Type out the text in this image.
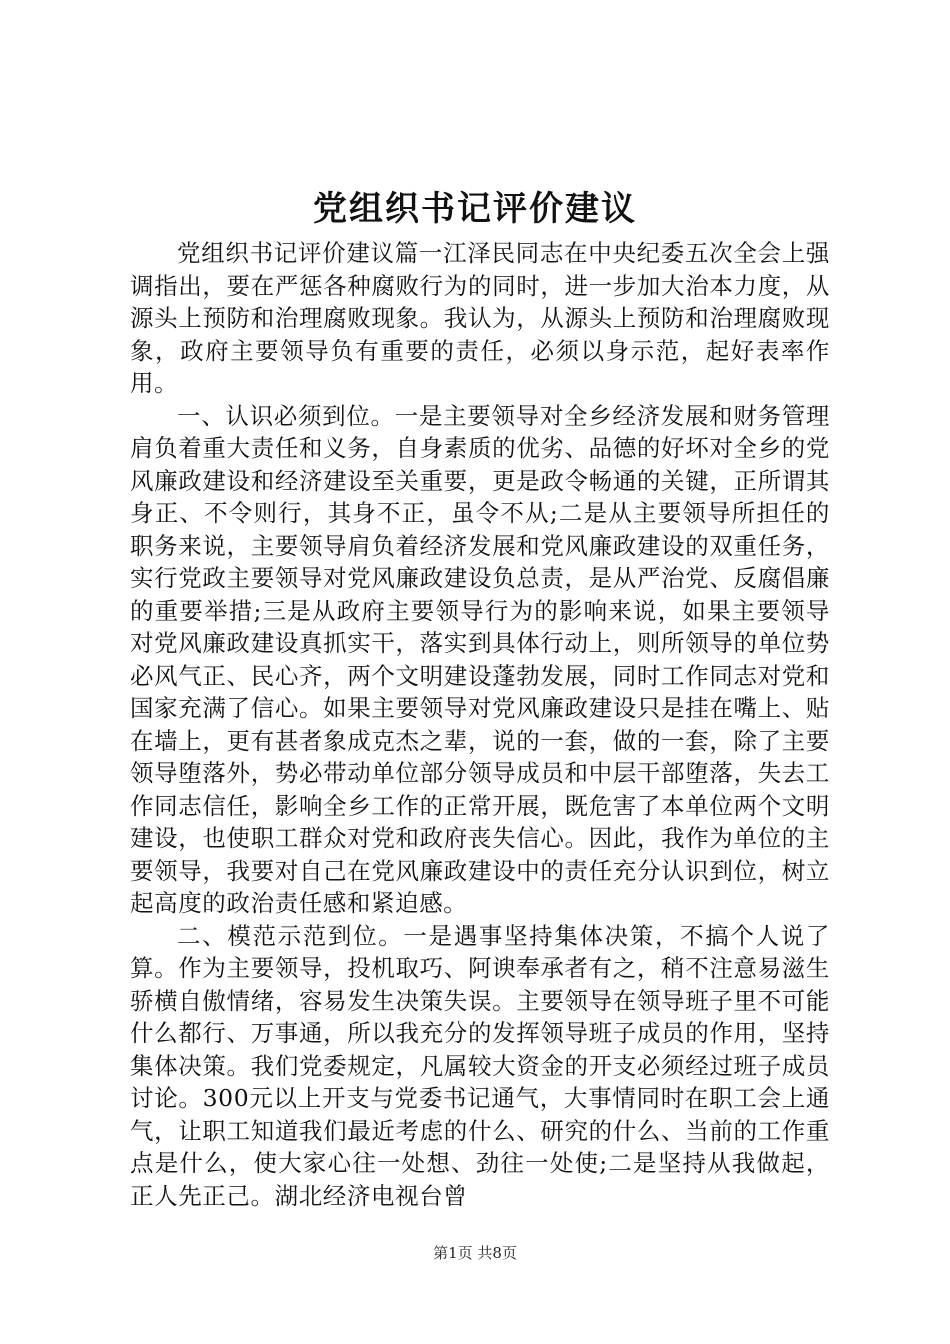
党组织书记评价建议

党组织书记评价建议篇一江泽民同志在中央纪委五次全会上强调指出，要在严惩各种腐败行为的同时，进一步加大治本力度，从源头上预防和治理腐败现象。我认为，从源头上预防和治理腐败现象，政府主要领导负有重要的责任，必须以身示范，起好表率作用。

一、认识必须到位。一是主要领导对全乡经济发展和财务管理肩负着重大责任和义务，自身素质的优劣、品德的好坏对全乡的党风廉政建设和经济建设至关重要，更是政令畅通的关键，正所谓其身正、不令则行，其身不正，虽令不从;二是从主要领导所担任的职务来说，主要领导肩负着经济发展和党风廉政建设的双重任务，实行党政主要领导对党风廉政建设负总责，是从严治党、反腐倡廉的重要举措;三是从政府主要领导行为的影响来说，如果主要领导对党风廉政建设真抓实干，落实到具体行动上，则所领导的单位势必风气正、民心齐，两个文明建设蓬勃发展，同时工作同志对党和国家充满了信心。如果主要领导对党风廉政建设只是挂在嘴上、贴在墙上，更有甚者象成克杰之辈，说的一套，做的一套，除了主要领导堕落外，势必带动单位部分领导成员和中层干部堕落，失去工作同志信任，影响全乡工作的正常开展，既危害了本单位两个文明建设，也使职工群众对党和政府丧失信心。因此，我作为单位的主要领导，我要对自己在党风廉政建设中的责任充分认识到位，树立起高度的政治责任感和紧迫感。

二、模范示范到位。一是遇事坚持集体决策，不搞个人说了算。作为主要领导，投机取巧、阿谀奉承者有之，稍不注意易滋生骄横自傲情绪，容易发生决策失误。主要领导在领导班子里不可能什么都行、万事通，所以我充分的发挥领导班子成员的作用，坚持集体决策。我们党委规定，凡属较大资金的开支必须经过班子成员讨论。300元以上开支与党委书记通气，大事情同时在职工会上通气，让职工知道我们最近考虑的什么、研究的什么、当前的工作重点是什么，使大家心往一处想、劲往一处使;二是坚持从我做起，正人先正己。湖北经济电视台曾

第1页 共8页
